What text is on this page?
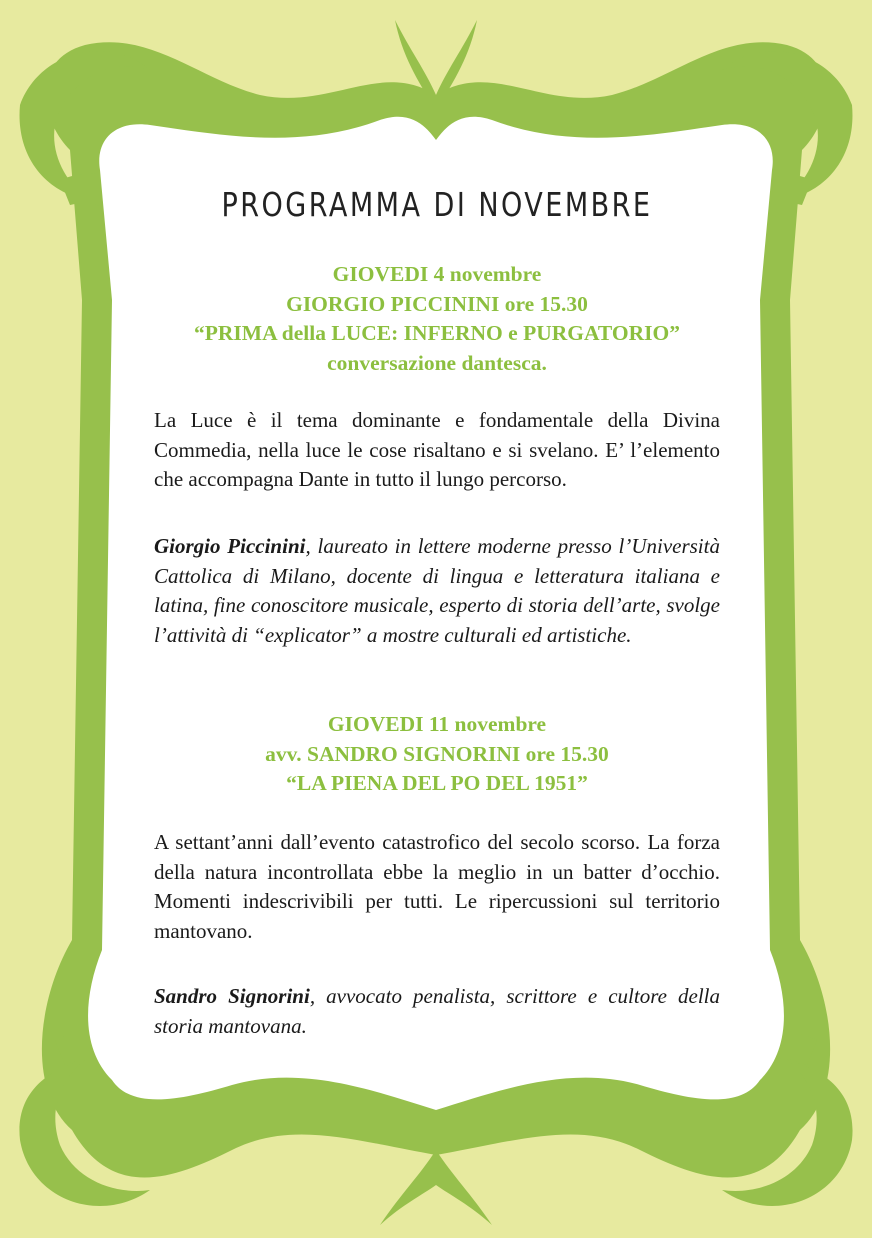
PROGRAMMA DI NOVEMBRE
GIOVEDI 4 novembre
GIORGIO PICCININI ore 15.30
“PRIMA della LUCE: INFERNO e PURGATORIO”
conversazione dantesca.

La Luce è il tema dominante e fondamentale della Divina Commedia, nella luce le cose risaltano e si svelano. E’ l’elemento che accompagna Dante in tutto il lungo percorso.

Giorgio Piccinini, laureato in lettere moderne presso l’Università Cattolica di Milano, docente di lingua e letteratura italiana e latina, fine conoscitore musicale, esperto di storia dell’arte, svolge l’attività di “explicator” a mostre culturali ed artistiche.

GIOVEDI 11 novembre
avv. SANDRO SIGNORINI ore 15.30
“LA PIENA DEL PO DEL 1951”

A settant’anni dall’evento catastrofico del secolo scorso. La forza della natura incontrollata ebbe la meglio in un batter d’occhio. Momenti indescrivibili per tutti. Le ripercussioni sul territorio mantovano.

Sandro Signorini, avvocato penalista, scrittore e cultore della storia mantovana.
